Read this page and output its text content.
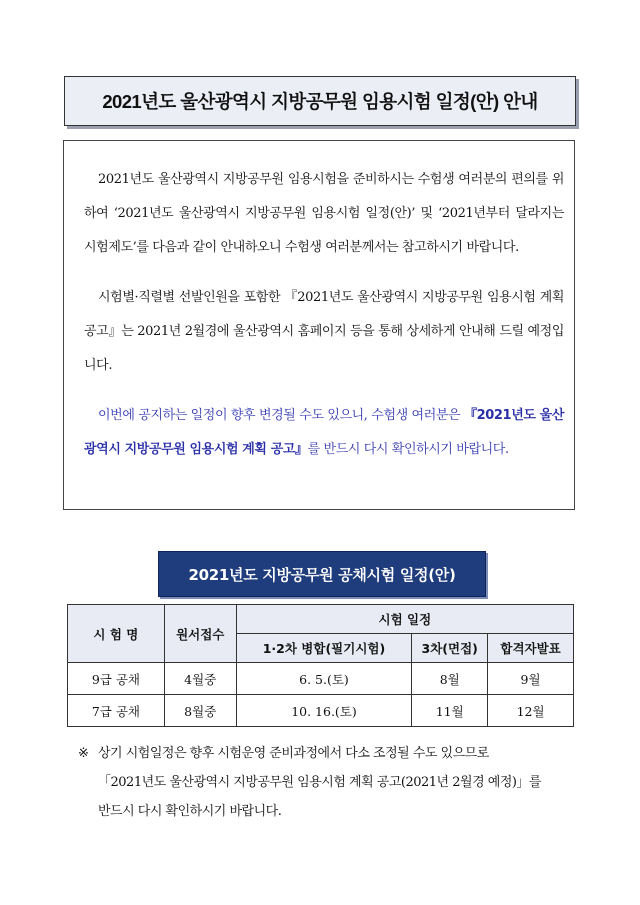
2021년도 울산광역시 지방공무원 임용시험 일정(안) 안내

2021년도 울산광역시 지방공무원 임용시험을 준비하시는 수험생 여러분의 편의를 위하여 ‘2021년도 울산광역시 지방공무원 임용시험 일정(안)’ 및 ‘2021년부터 달라지는 시험제도’를 다음과 같이 안내하오니 수험생 여러분께서는 참고하시기 바랍니다.

시험별·직렬별 선발인원을 포함한 『2021년도 울산광역시 지방공무원 임용시험 계획 공고』는 2021년 2월경에 울산광역시 홈페이지 등을 통해 상세하게 안내해 드릴 예정입니다.

이번에 공지하는 일정이 향후 변경될 수도 있으니, 수험생 여러분은 『2021년도 울산광역시 지방공무원 임용시험 계획 공고』를 반드시 다시 확인하시기 바랍니다.

2021년도 지방공무원 공채시험 일정(안)
시 험 명	원서접수	시험 일정		
		1·2차 병합(필기시험)	3차(면접)	합격자발표
9급 공채	4월중	6. 5.(토)	8월	9월
7급 공채	8월중	10. 16.(토)	11월	12월
※ 상기 시험일정은 향후 시험운영 준비과정에서 다소 조정될 수도 있으므로
「2021년도 울산광역시 지방공무원 임용시험 계획 공고(2021년 2월경 예정)」를
반드시 다시 확인하시기 바랍니다.
